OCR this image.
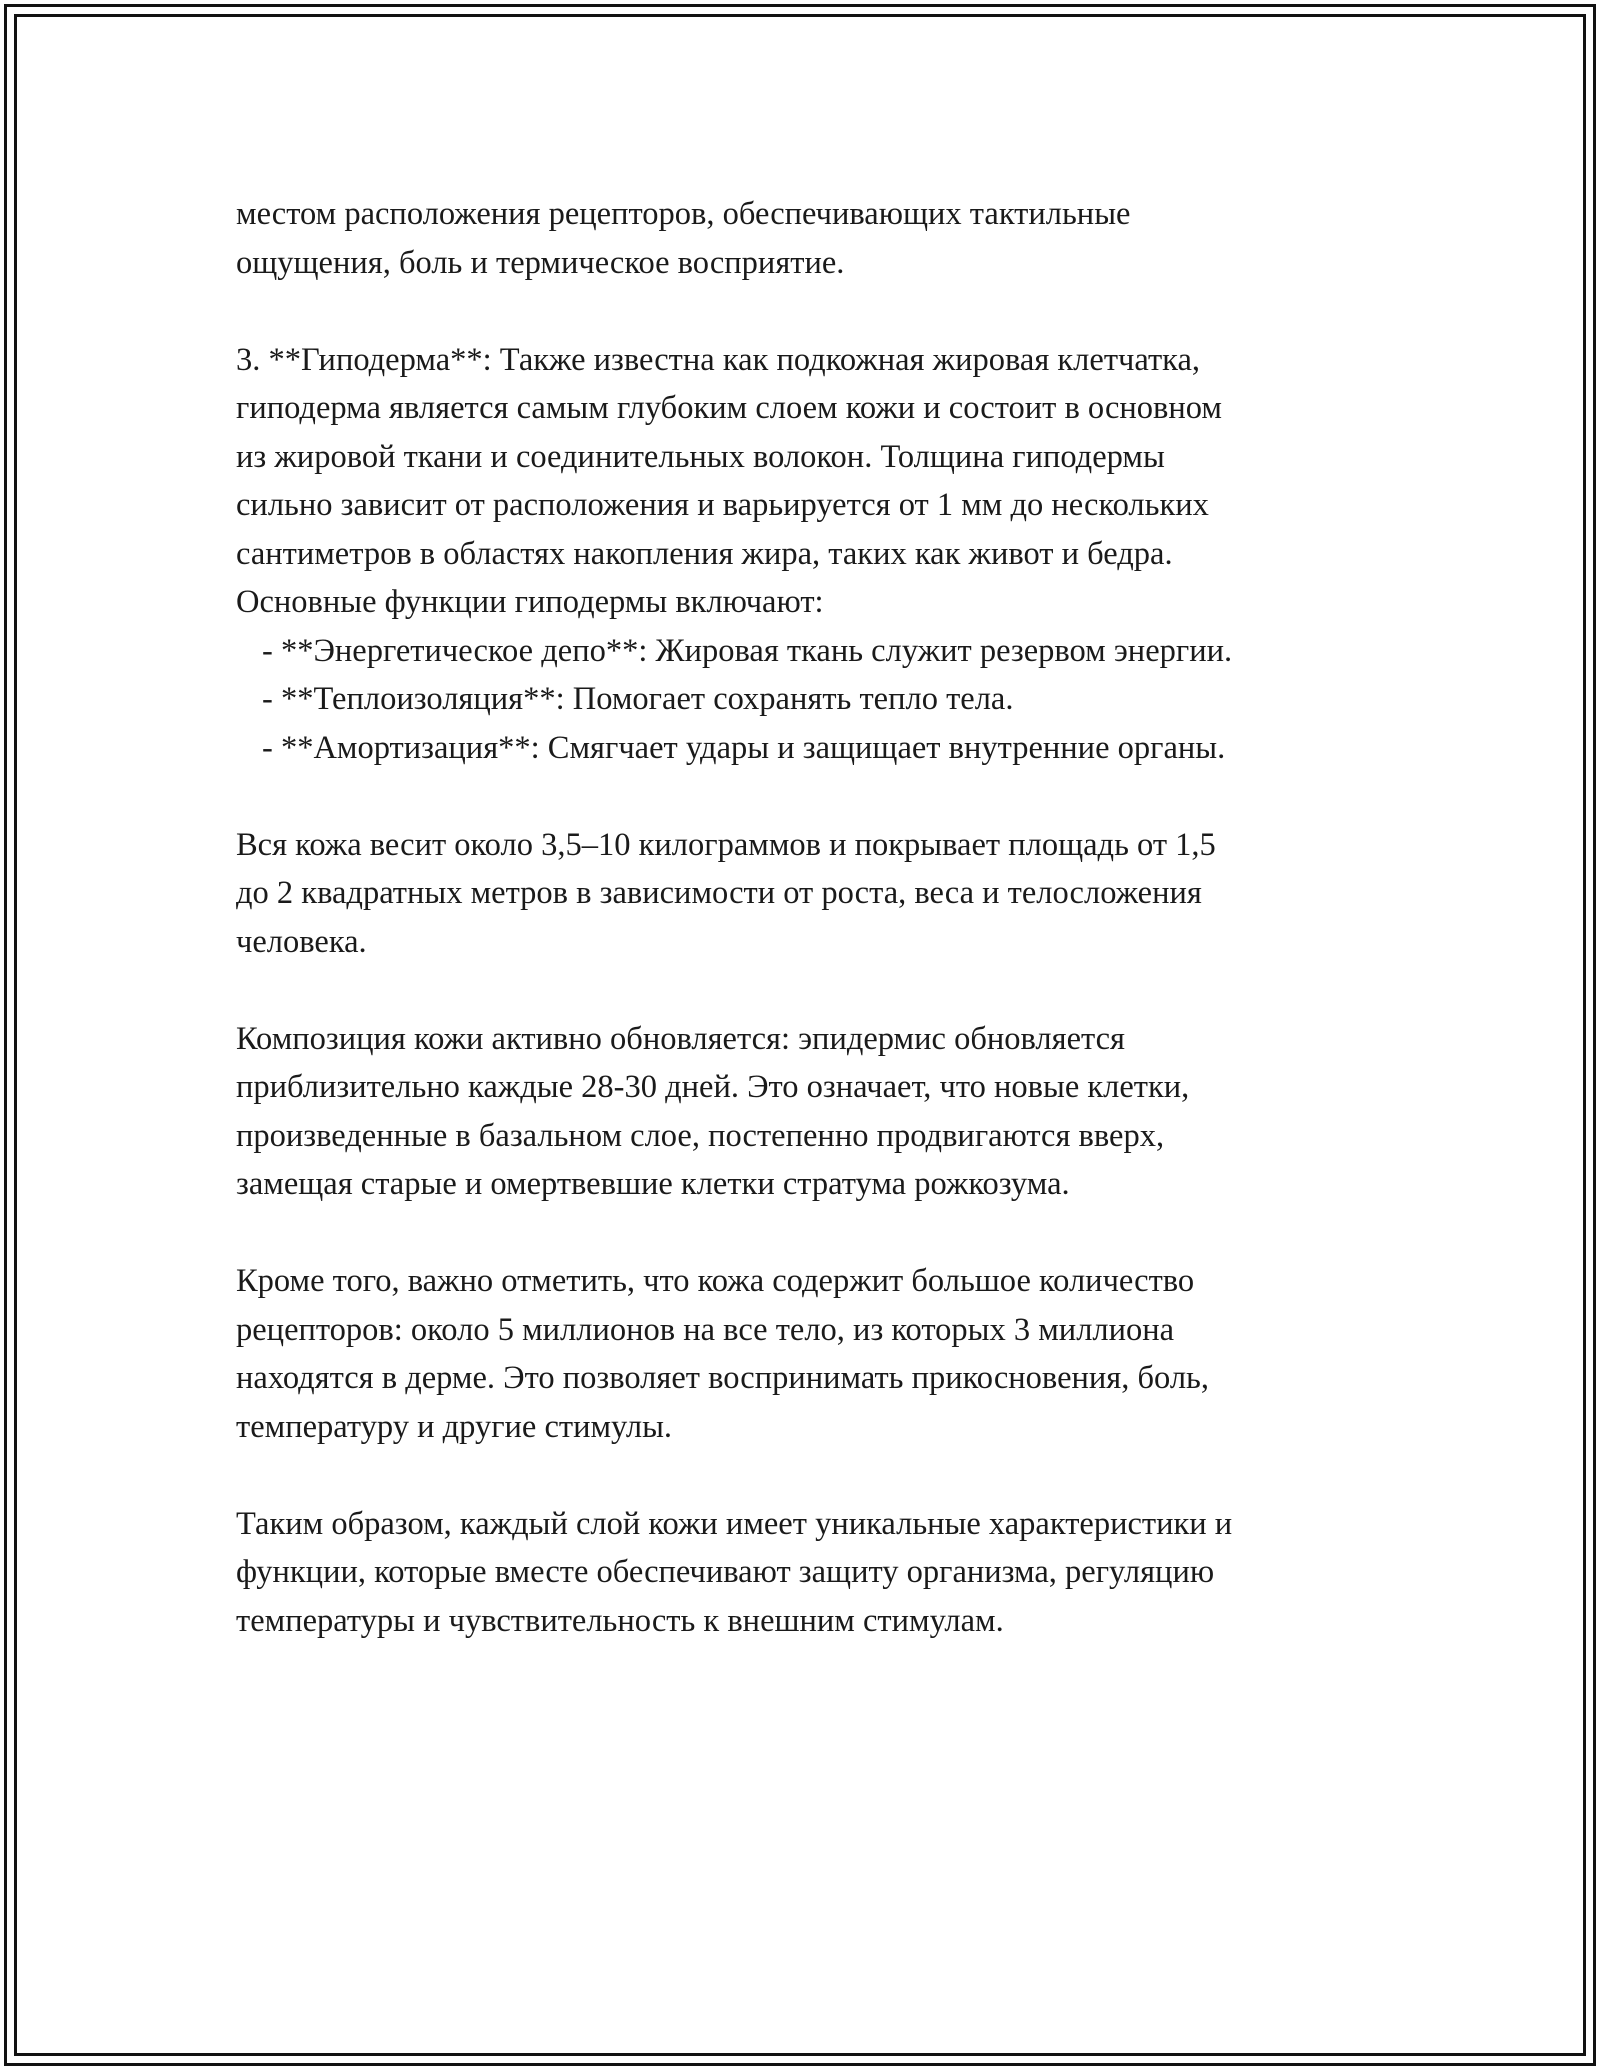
местом расположения рецепторов, обеспечивающих тактильные
ощущения, боль и термическое восприятие.
3. **Гиподерма**: Также известна как подкожная жировая клетчатка,
гиподерма является самым глубоким слоем кожи и состоит в основном
из жировой ткани и соединительных волокон. Толщина гиподермы
сильно зависит от расположения и варьируется от 1 мм до нескольких
сантиметров в областях накопления жира, таких как живот и бедра.
Основные функции гиподермы включают:
- **Энергетическое депо**: Жировая ткань служит резервом энергии.
- **Теплоизоляция**: Помогает сохранять тепло тела.
- **Амортизация**: Смягчает удары и защищает внутренние органы.
Вся кожа весит около 3,5–10 килограммов и покрывает площадь от 1,5
до 2 квадратных метров в зависимости от роста, веса и телосложения
человека.
Композиция кожи активно обновляется: эпидермис обновляется
приблизительно каждые 28-30 дней. Это означает, что новые клетки,
произведенные в базальном слое, постепенно продвигаются вверх,
замещая старые и омертвевшие клетки стратума рожкозума.
Кроме того, важно отметить, что кожа содержит большое количество
рецепторов: около 5 миллионов на все тело, из которых 3 миллиона
находятся в дерме. Это позволяет воспринимать прикосновения, боль,
температуру и другие стимулы.
Таким образом, каждый слой кожи имеет уникальные характеристики и
функции, которые вместе обеспечивают защиту организма, регуляцию
температуры и чувствительность к внешним стимулам.
